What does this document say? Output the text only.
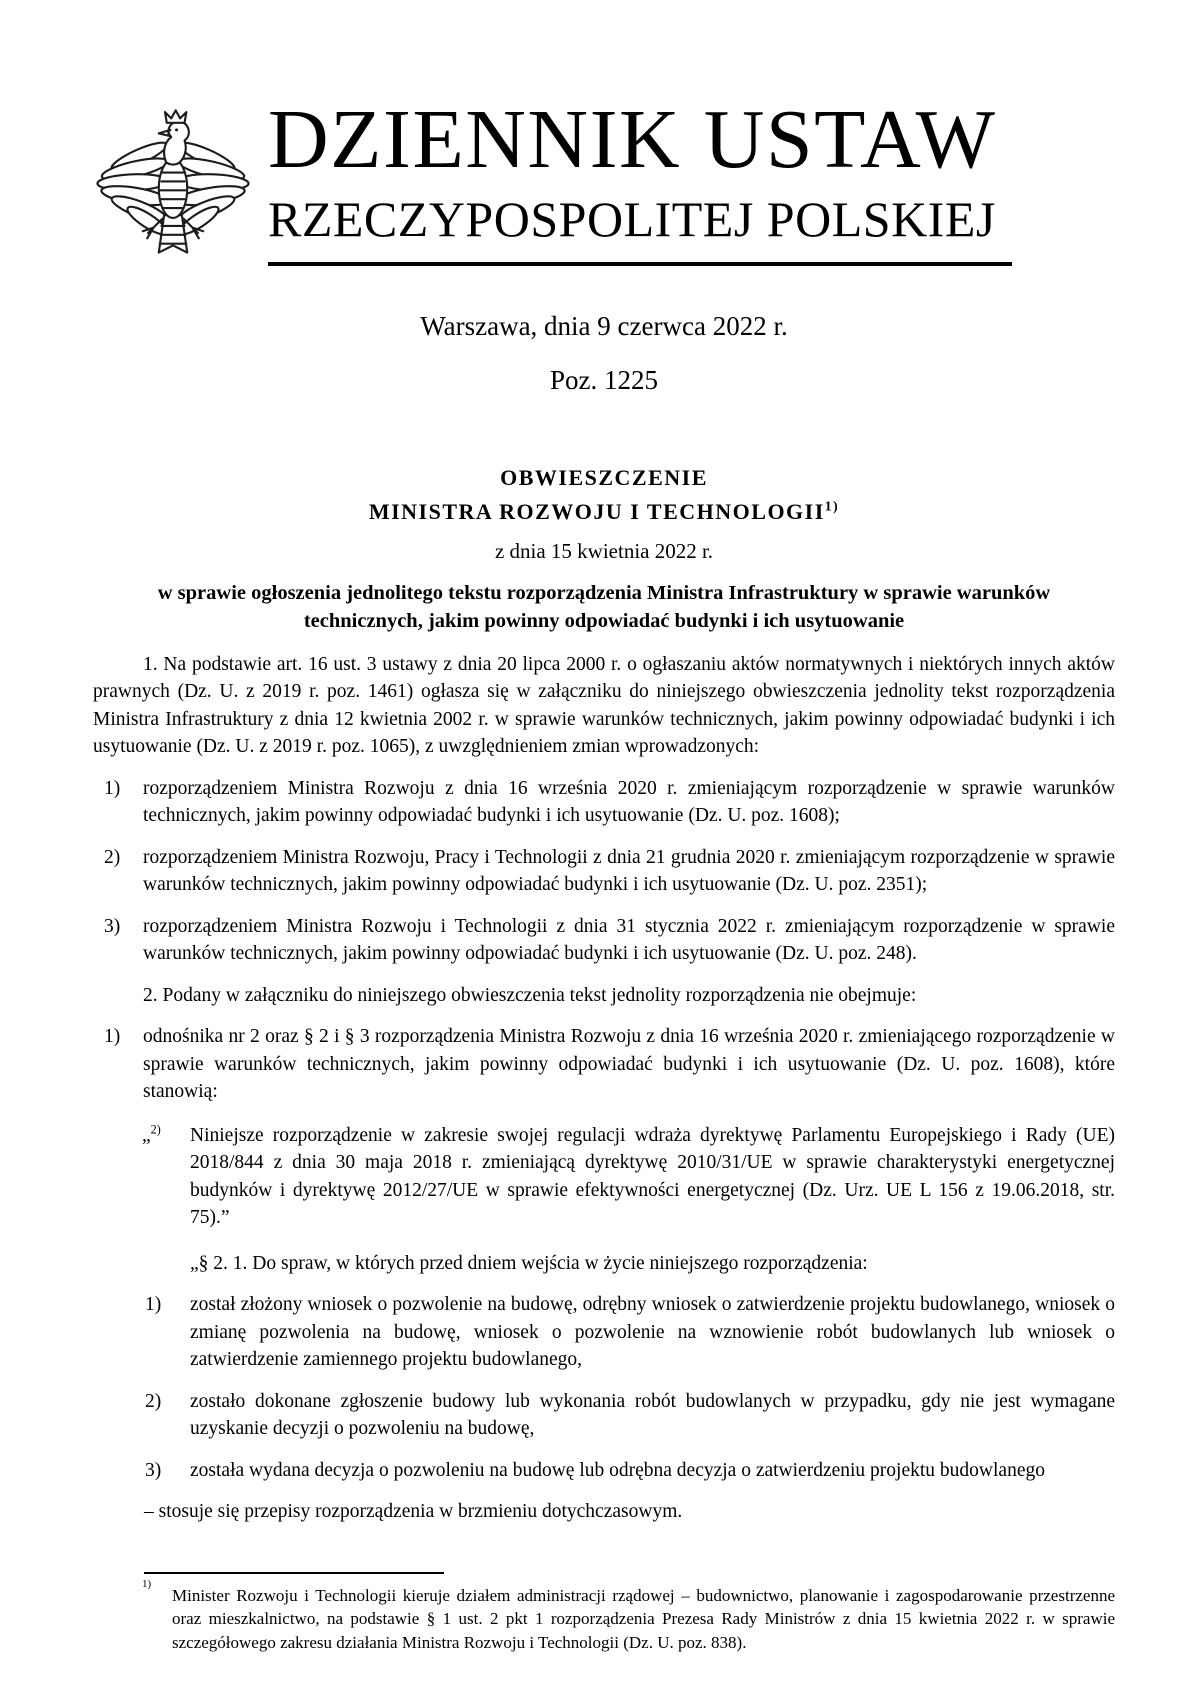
DZIENNIK USTAW
RZECZYPOSPOLITEJ POLSKIEJ
Warszawa, dnia 9 czerwca 2022 r.
Poz. 1225
OBWIESZCZENIE
MINISTRA ROZWOJU I TECHNOLOGII$^{1)}$
z dnia 15 kwietnia 2022 r.
w sprawie ogłoszenia jednolitego tekstu rozporządzenia Ministra Infrastruktury w sprawie warunków technicznych, jakim powinny odpowiadać budynki i ich usytuowanie
1. Na podstawie art. 16 ust. 3 ustawy z dnia 20 lipca 2000 r. o ogłaszaniu aktów normatywnych i niektórych innych aktów prawnych (Dz. U. z 2019 r. poz. 1461) ogłasza się w załączniku do niniejszego obwieszczenia jednolity tekst rozporządzenia Ministra Infrastruktury z dnia 12 kwietnia 2002 r. w sprawie warunków technicznych, jakim powinny odpowiadać budynki i ich usytuowanie (Dz. U. z 2019 r. poz. 1065), z uwzględnieniem zmian wprowadzonych:
1) rozporządzeniem Ministra Rozwoju z dnia 16 września 2020 r. zmieniającym rozporządzenie w sprawie warunków technicznych, jakim powinny odpowiadać budynki i ich usytuowanie (Dz. U. poz. 1608);
2) rozporządzeniem Ministra Rozwoju, Pracy i Technologii z dnia 21 grudnia 2020 r. zmieniającym rozporządzenie w sprawie warunków technicznych, jakim powinny odpowiadać budynki i ich usytuowanie (Dz. U. poz. 2351);
3) rozporządzeniem Ministra Rozwoju i Technologii z dnia 31 stycznia 2022 r. zmieniającym rozporządzenie w sprawie warunków technicznych, jakim powinny odpowiadać budynki i ich usytuowanie (Dz. U. poz. 248).
2. Podany w załączniku do niniejszego obwieszczenia tekst jednolity rozporządzenia nie obejmuje:
1) odnośnika nr 2 oraz § 2 i § 3 rozporządzenia Ministra Rozwoju z dnia 16 września 2020 r. zmieniającego rozporządzenie w sprawie warunków technicznych, jakim powinny odpowiadać budynki i ich usytuowanie (Dz. U. poz. 1608), które stanowią:
„$^{2)}$ Niniejsze rozporządzenie w zakresie swojej regulacji wdraża dyrektywę Parlamentu Europejskiego i Rady (UE) 2018/844 z dnia 30 maja 2018 r. zmieniającą dyrektywę 2010/31/UE w sprawie charakterystyki energetycznej budynków i dyrektywę 2012/27/UE w sprawie efektywności energetycznej (Dz. Urz. UE L 156 z 19.06.2018, str. 75).”
„§ 2. 1. Do spraw, w których przed dniem wejścia w życie niniejszego rozporządzenia:
1) został złożony wniosek o pozwolenie na budowę, odrębny wniosek o zatwierdzenie projektu budowlanego, wniosek o zmianę pozwolenia na budowę, wniosek o pozwolenie na wznowienie robót budowlanych lub wniosek o zatwierdzenie zamiennego projektu budowlanego,
2) zostało dokonane zgłoszenie budowy lub wykonania robót budowlanych w przypadku, gdy nie jest wymagane uzyskanie decyzji o pozwoleniu na budowę,
3) została wydana decyzja o pozwoleniu na budowę lub odrębna decyzja o zatwierdzeniu projektu budowlanego
– stosuje się przepisy rozporządzenia w brzmieniu dotychczasowym.
1)
Minister Rozwoju i Technologii kieruje działem administracji rządowej – budownictwo, planowanie i zagospodarowanie przestrzenne oraz mieszkalnictwo, na podstawie § 1 ust. 2 pkt 1 rozporządzenia Prezesa Rady Ministrów z dnia 15 kwietnia 2022 r. w sprawie szczegółowego zakresu działania Ministra Rozwoju i Technologii (Dz. U. poz. 838).
